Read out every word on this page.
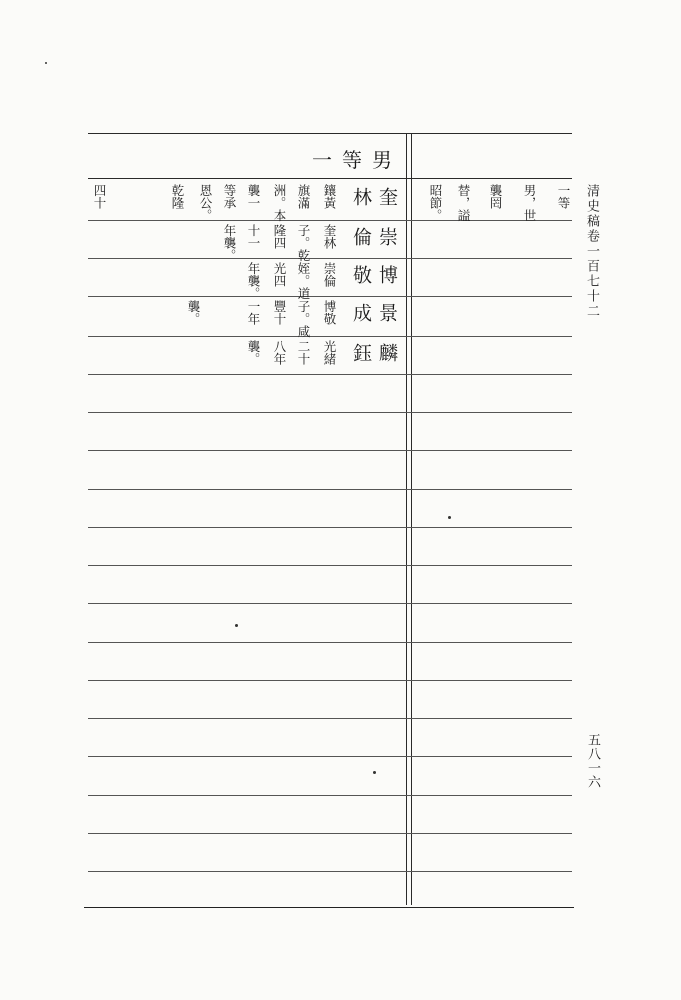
一等男
一等
男，世
襲罔
替，謚
昭節。
奎
林
鑲黃
旗滿
洲。本
襲一
等承
恩公。
乾隆
四十
崇
倫
奎林
子。乾
隆四
十一
年襲。
博
敬
崇倫
姪。道
光四
年襲。
景
成
博敬
子。咸
豐十
一年
襲。
麟
鈺
光緒
二十
八年
襲。
清史稿卷一百七十二
五八一六
